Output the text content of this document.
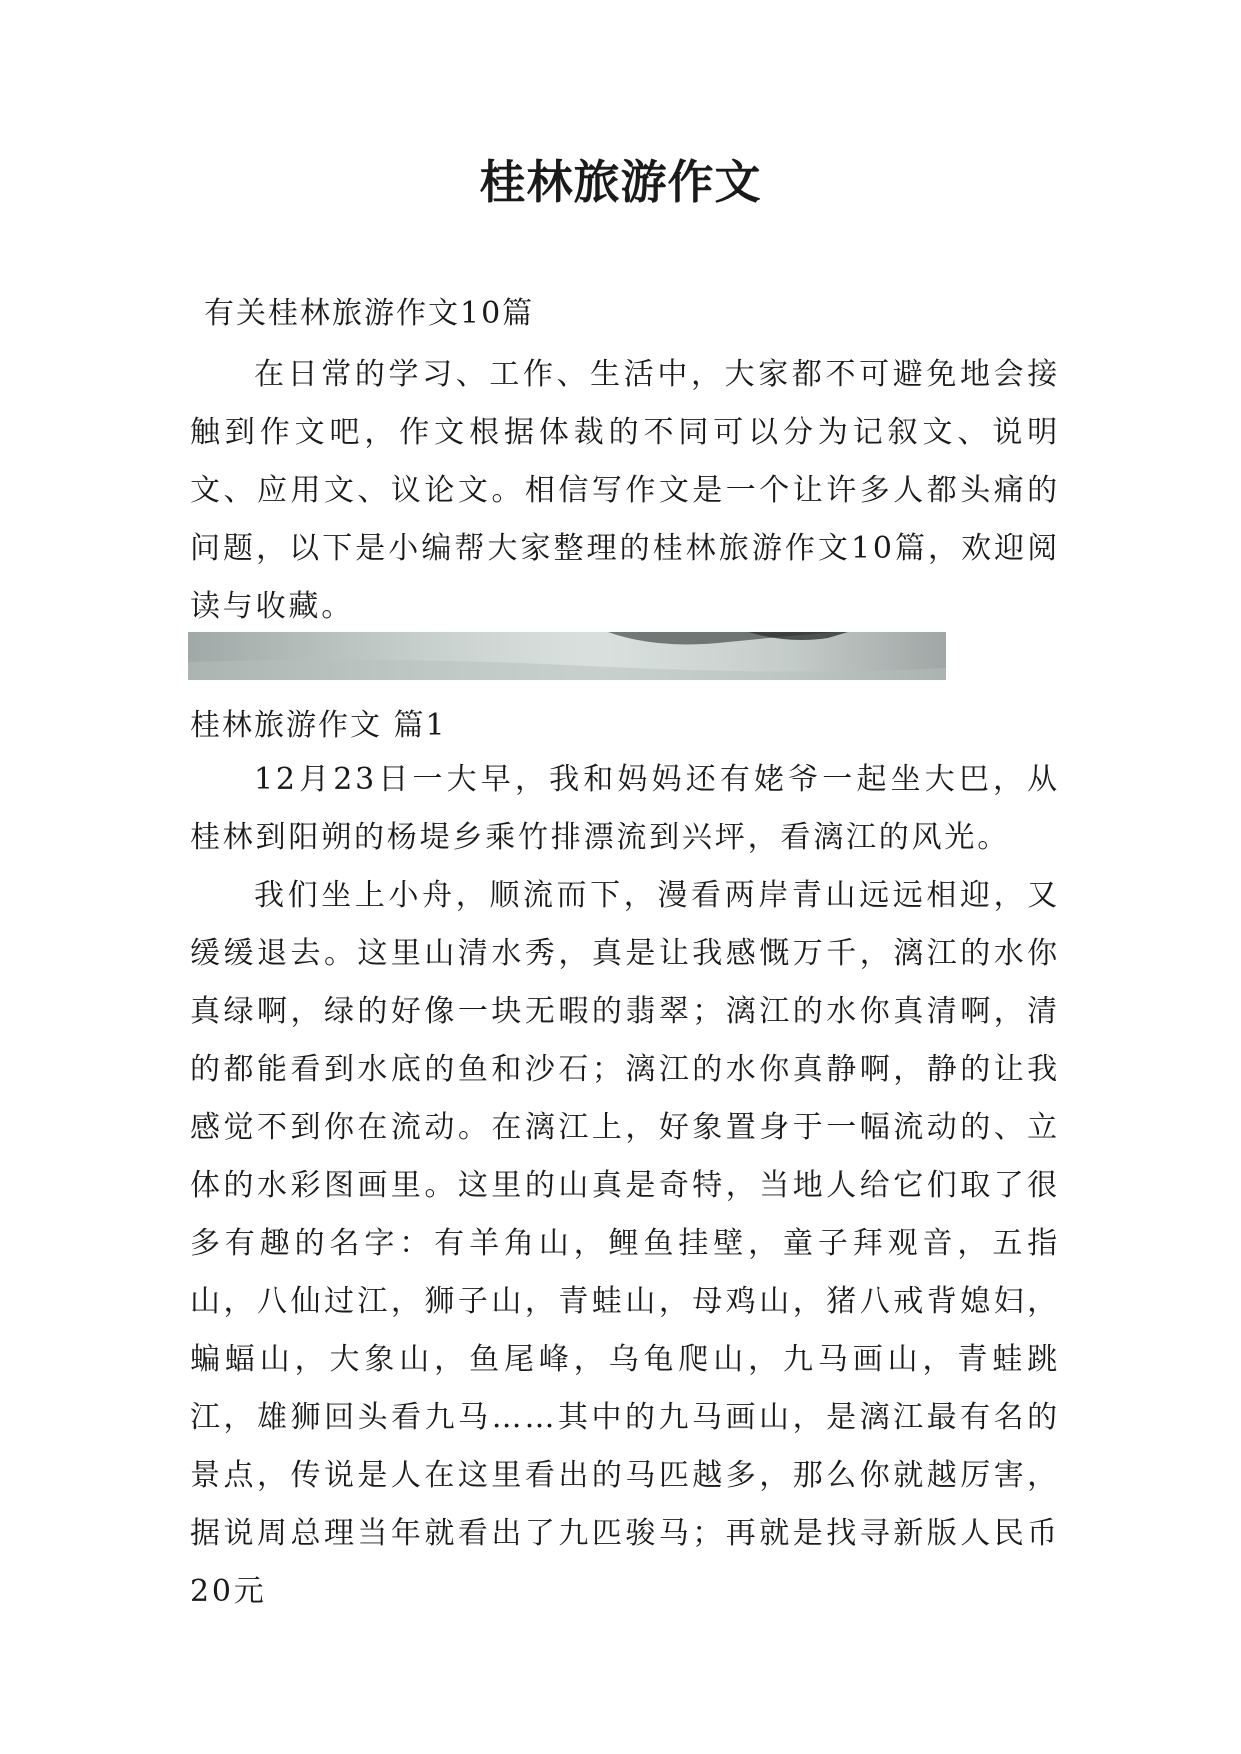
桂林旅游作文

有关桂林旅游作文10篇

在日常的学习、工作、生活中，大家都不可避免地会接触到作文吧，作文根据体裁的不同可以分为记叙文、说明文、应用文、议论文。相信写作文是一个让许多人都头痛的问题，以下是小编帮大家整理的桂林旅游作文10篇，欢迎阅读与收藏。

桂林旅游作文 篇1

12月23日一大早，我和妈妈还有姥爷一起坐大巴，从桂林到阳朔的杨堤乡乘竹排漂流到兴坪，看漓江的风光。

我们坐上小舟，顺流而下，漫看两岸青山远远相迎，又缓缓退去。这里山清水秀，真是让我感慨万千，漓江的水你真绿啊，绿的好像一块无暇的翡翠；漓江的水你真清啊，清的都能看到水底的鱼和沙石；漓江的水你真静啊，静的让我感觉不到你在流动。在漓江上，好象置身于一幅流动的、立体的水彩图画里。这里的山真是奇特，当地人给它们取了很多有趣的名字：有羊角山，鲤鱼挂壁，童子拜观音，五指山，八仙过江，狮子山，青蛙山，母鸡山，猪八戒背媳妇，蝙蝠山，大象山，鱼尾峰，乌龟爬山，九马画山，青蛙跳江，雄狮回头看九马……其中的九马画山，是漓江最有名的景点，传说是人在这里看出的马匹越多，那么你就越厉害，据说周总理当年就看出了九匹骏马；再就是找寻新版人民币20元
